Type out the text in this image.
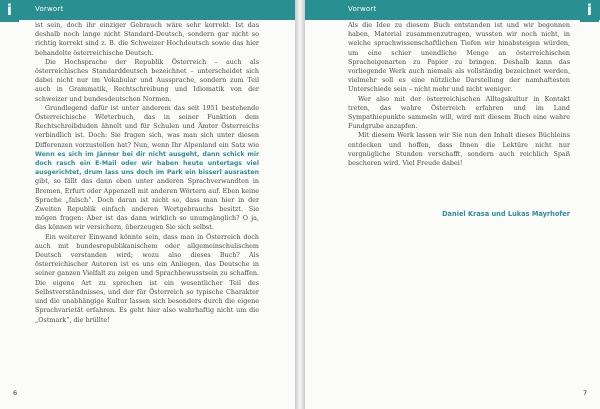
Vorwort
i

ist sein, doch ihr einziger Gebrauch wäre sehr korrekt: Ist das deshalb noch lange nicht Standard-Deutsch, sondern gar nicht so richtig korrekt sind z. B. die Schweizer Hochdeutsch sowie das hier behandelte österreichische Deutsch.

Die Hochsprache der Republik Österreich – auch als österreichisches Standarddeutsch bezeichnet – unterscheidet sich dabei nicht nur im Vokabular und Aussprache, sondern zum Teil auch in Grammatik, Rechtschreibung und Idiomatik von der schweizer und bundesdeutschen Normen.

Grundlegend dafür ist unter anderem das seit 1951 bestehende Österreichische Wörterbuch, das in seiner Funktion dem Rechtschreibduden ähnelt und für Schulen und Ämter Österreichs verbindlich ist. Doch: Sie fragen sich, was man sich unter diesen Differenzen vorzustellen hat? Nun, wenn Ihr Alpenland ein Satz wie Wenn es sich im Jänner bei dir nicht ausgeht, dann schick mir doch rasch ein E-Mail oder wir haben heute untertags viel ausgerichtet, drum lass uns doch im Park ein bisserl ausrasten gibt, so fällt das dann eben unter anderen Sprachverwandten in Bremen, Erfurt oder Appenzell mit anderen Wörtern auf. Eben keine Sprache „falsch“. Doch daran ist nicht so, dass man hier in der Zweiten Republik einfach anderen Wortgebrauchs besitzt. Sie mögen fragen: Aber ist das dann wirklich so unumgänglich? O ja, das können wir versichern, überzeugen Sie sich selbst.

Ein weiterer Einwand könnte sein, dass man in Österreich doch auch mit bundesrepublikanischem oder allgemeinschulischem Deutsch verstanden wird; wozu also dieses Buch? Als österreichischer Autoren ist es uns ein Anliegen, das Deutsche in seiner ganzen Vielfalt zu zeigen und Sprachbewusstsein zu schaffen. Die eigene Art zu sprechen ist ein wesentlicher Teil des Selbstverständnisses, und der für Österreich so typische Charakter und die unabhängige Kultur lassen sich besonders durch die eigene Sprachvarietät erfahren. Es geht hier also wahrhaftig nicht um die „Ostmark“, die brüllte!

6
Vorwort	i

Als die Idee zu diesem Buch entstanden ist und wir begonnen haben, Material zusammenzutragen, wussten wir noch nicht, in welche sprachwissenschaftlichen Tiefen wir hinabsteigen würden, um eine schier unendliche Menge an österreichischen Spracheigenarten zu Papier zu bringen. Deshalb kann das vorliegende Werk auch niemals als vollständig bezeichnet werden, vielmehr soll es eine nützliche Darstellung der namhaftesten Unterschiede sein – nicht mehr und nicht weniger.

Wer also mit der österreichischen Alltagskultur in Kontakt treten, das wahre Österreich erfahren und im Land Sympathiepunkte sammeln will, wird mit diesem Buch eine wahre Fundgrube anzapfen.

Mit diesem Werk lassen wir Sie nun den Inhalt dieses Büchleins entdecken und hoffen, dass Ihnen die Lektüre nicht nur vergnügliche Stunden verschafft, sondern auch reichlich Spaß bescheren wird. Viel Freude dabei!

Daniel Krasa und Lukas Mayrhofer
7
